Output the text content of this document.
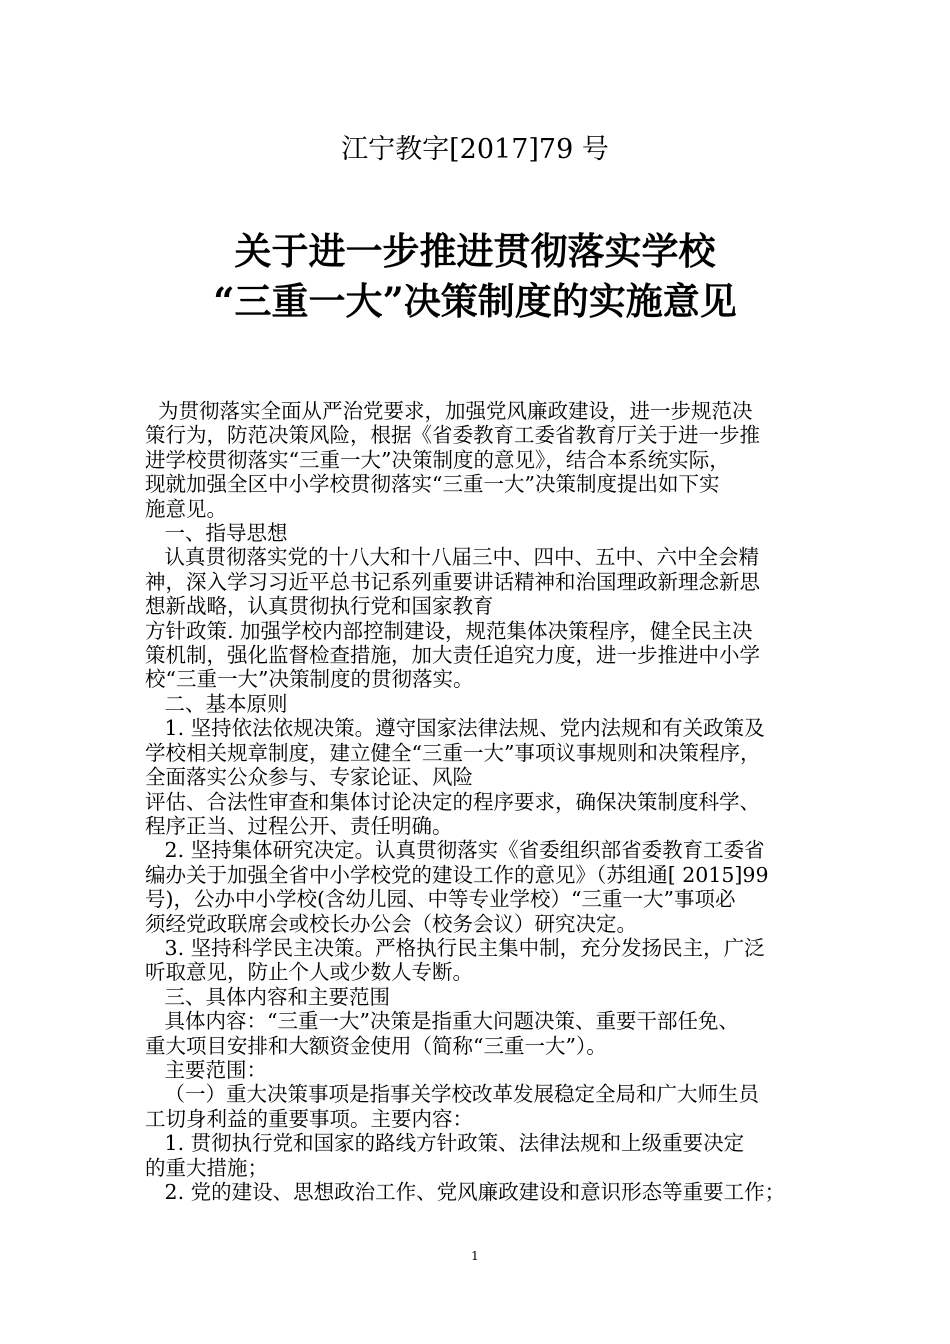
江宁教字[2017]79 号
关于进一步推进贯彻落实学校
“三重一大”决策制度的实施意见
为贯彻落实全面从严治党要求，加强党风廉政建设，进一步规范决
策行为，防范决策风险，根据《省委教育工委省教育厅关于进一步推
进学校贯彻落实“三重一大”决策制度的意见》，结合本系统实际，
现就加强全区中小学校贯彻落实“三重一大”决策制度提出如下实
施意见。
一、指导思想
认真贯彻落实党的十八大和十八届三中、四中、五中、六中全会精
神，深入学习习近平总书记系列重要讲话精神和治国理政新理念新思
想新战略，认真贯彻执行党和国家教育
方针政策. 加强学校内部控制建设，规范集体决策程序，健全民主决
策机制，强化监督检查措施，加大责任追究力度，进一步推进中小学
校“三重一大”决策制度的贯彻落实。
二、基本原则
1. 坚持依法依规决策。遵守国家法律法规、党内法规和有关政策及
学校相关规章制度，建立健全“三重一大”事项议事规则和决策程序，
全面落实公众参与、专家论证、风险
评估、合法性审查和集体讨论决定的程序要求，确保决策制度科学、
程序正当、过程公开、责任明确。
2. 坚持集体研究决定。认真贯彻落实《省委组织部省委教育工委省
编办关于加强全省中小学校党的建设工作的意见》（苏组通[ 2015]99
号)，公办中小学校(含幼儿园、中等专业学校）“三重一大”事项必
须经党政联席会或校长办公会（校务会议）研究决定。
3. 坚持科学民主决策。严格执行民主集中制，充分发扬民主，广泛
听取意见，防止个人或少数人专断。
三、具体内容和主要范围
具体内容：“三重一大”决策是指重大问题决策、重要干部任免、
重大项目安排和大额资金使用（简称“三重一大”）。
主要范围：
（一）重大决策事项是指事关学校改革发展稳定全局和广大师生员
工切身利益的重要事项。主要内容：
1. 贯彻执行党和国家的路线方针政策、法律法规和上级重要决定
的重大措施；
2. 党的建设、思想政治工作、党风廉政建设和意识形态等重要工作；
1
